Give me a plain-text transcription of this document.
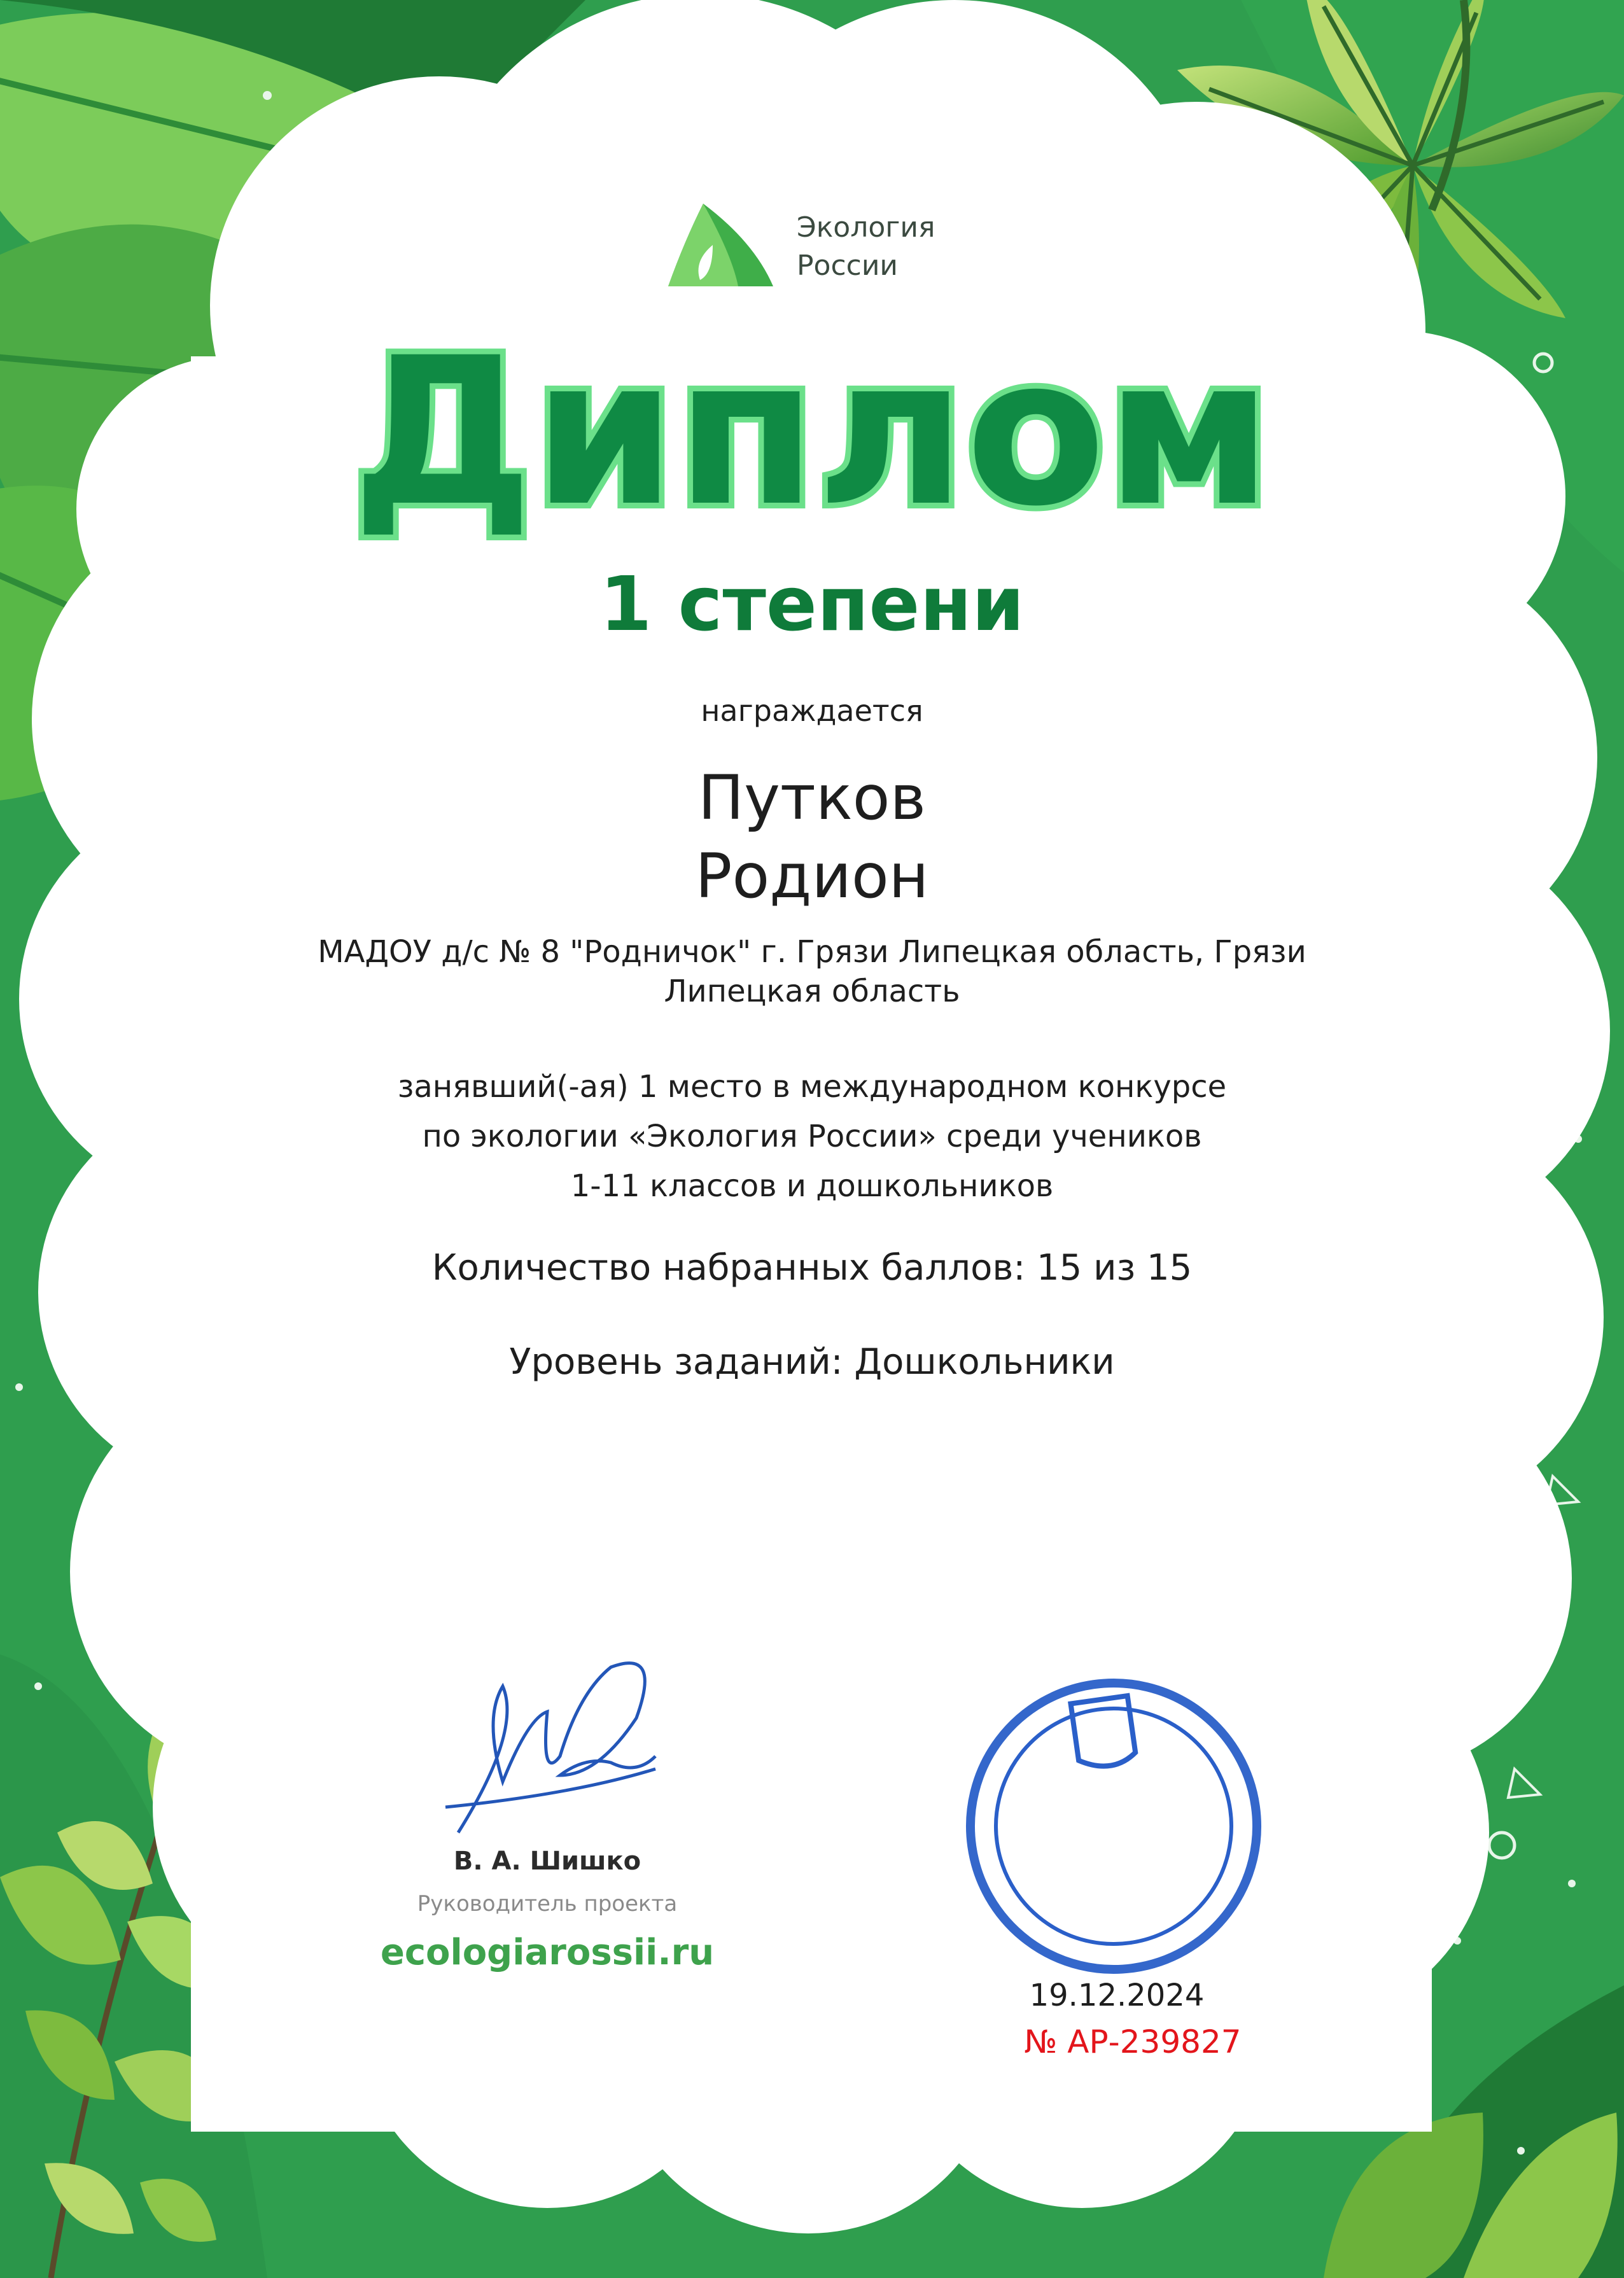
Диплом
Экология
России
1 степени
награждается
Путков
Родион
МАДОУ д/с № 8 "Родничок" г. Грязи Липецкая область, Грязи
Липецкая область
занявший(-ая) 1 место в международном конкурсе
по экологии «Экология России» среди учеников
1-11 классов и дошкольников
Количество набранных баллов: 15 из 15
Уровень заданий: Дошкольники
В. А. Шишко
Руководитель проекта
ecologiarossii.ru
19.12.2024
№ АР-239827
